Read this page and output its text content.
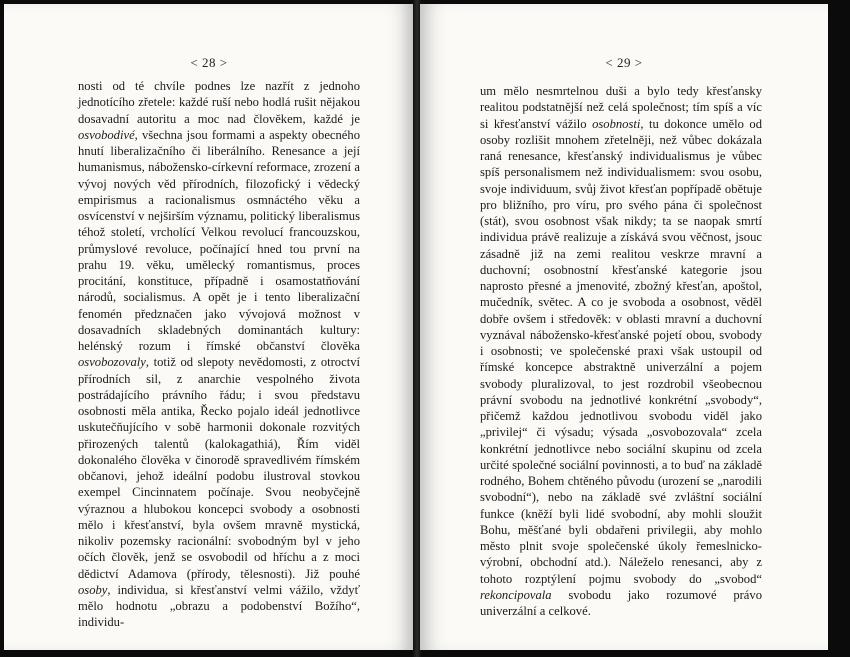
< 28 >

nosti od té chvíle podnes lze nazřít z jednoho jednotícího zřetele: každé ruší nebo hodlá rušit nějakou dosavadní autoritu a moc nad člověkem, každé je osvobodivé, všechna jsou formami a aspekty obecného hnutí liberalizačního či liberálního. Renesance a její humanismus, nábožensko-církevní reformace, zrození a vývoj nových věd přírodních, filozofický i vědecký empirismus a racionalismus osmnáctého věku a osvícenství v nejširším významu, politický liberalismus téhož století, vrcholící Velkou revolucí francouzskou, průmyslové revoluce, počínající hned tou první na prahu 19. věku, umělecký romantismus, proces procitání, konstituce, případně i osamostatňování národů, socialismus. A opět je i tento liberalizační fenomén předznačen jako vývojová možnost v dosavadních skladebných dominantách kultury: helénský rozum i římské občanství člověka osvobozovaly, totiž od slepoty nevědomosti, z otroctví přírodních sil, z anarchie vespolného života postrádajícího právního řádu; i svou představu osobnosti měla antika, Řecko pojalo ideál jednotlivce uskutečňujícího v sobě harmonii dokonale rozvitých přirozených talentů (kalokagathiá), Řím viděl dokonalého člověka v činorodě spravedlivém římském občanovi, jehož ideální podobu ilustroval stovkou exempel Cincinnatem počínaje. Svou neobyčejně výraznou a hlubokou koncepci svobody a osobnosti mělo i křesťanství, byla ovšem mravně mystická, nikoliv pozemsky racionální: svobodným byl v jeho očích člověk, jenž se osvobodil od hříchu a z moci dědictví Adamova (přírody, tělesnosti). Již pouhé osoby, individua, si křesťanství velmi vážilo, vždyť mělo hodnotu „obrazu a podobenství Božího“, individu-

< 29 >

um mělo nesmrtelnou duši a bylo tedy křesťansky realitou podstatnější než celá společnost; tím spíš a víc si křesťanství vážilo osobnosti, tu dokonce umělo od osoby rozlišit mnohem zřetelněji, než vůbec dokázala raná renesance, křesťanský individualismus je vůbec spíš personalismem než individualismem: svou osobu, svoje individuum, svůj život křesťan popřípadě obětuje pro bližního, pro víru, pro svého pána či společnost (stát), svou osobnost však nikdy; ta se naopak smrtí individua právě realizuje a získává svou věčnost, jsouc zásadně již na zemi realitou veskrze mravní a duchovní; osobnostní křesťanské kategorie jsou naprosto přesné a jmenovité, zbožný křesťan, apoštol, mučedník, světec. A co je svoboda a osobnost, věděl dobře ovšem i středověk: v oblasti mravní a duchovní vyznával nábožensko-křesťanské pojetí obou, svobody i osobnosti; ve společenské praxi však ustoupil od římské koncepce abstraktně univerzální a pojem svobody pluralizoval, to jest rozdrobil všeobecnou právní svobodu na jednotlivé konkrétní „svobody“, přičemž každou jednotlivou svobodu viděl jako „privilej“ či výsadu; výsada „osvobozovala“ zcela konkrétní jednotlivce nebo sociální skupinu od zcela určité společné sociální povinnosti, a to buď na základě rodného, Bohem chtěného původu (urození se „narodili svobodní“), nebo na základě své zvláštní sociální funkce (kněží byli lidé svobodní, aby mohli sloužit Bohu, měšťané byli obdařeni privilegii, aby mohlo město plnit svoje společenské úkoly řemeslnicko-výrobní, obchodní atd.). Náleželo renesanci, aby z tohoto rozptýlení pojmu svobody do „svobod“ rekoncipovala svobodu jako rozumové právo univerzální a celkové.
